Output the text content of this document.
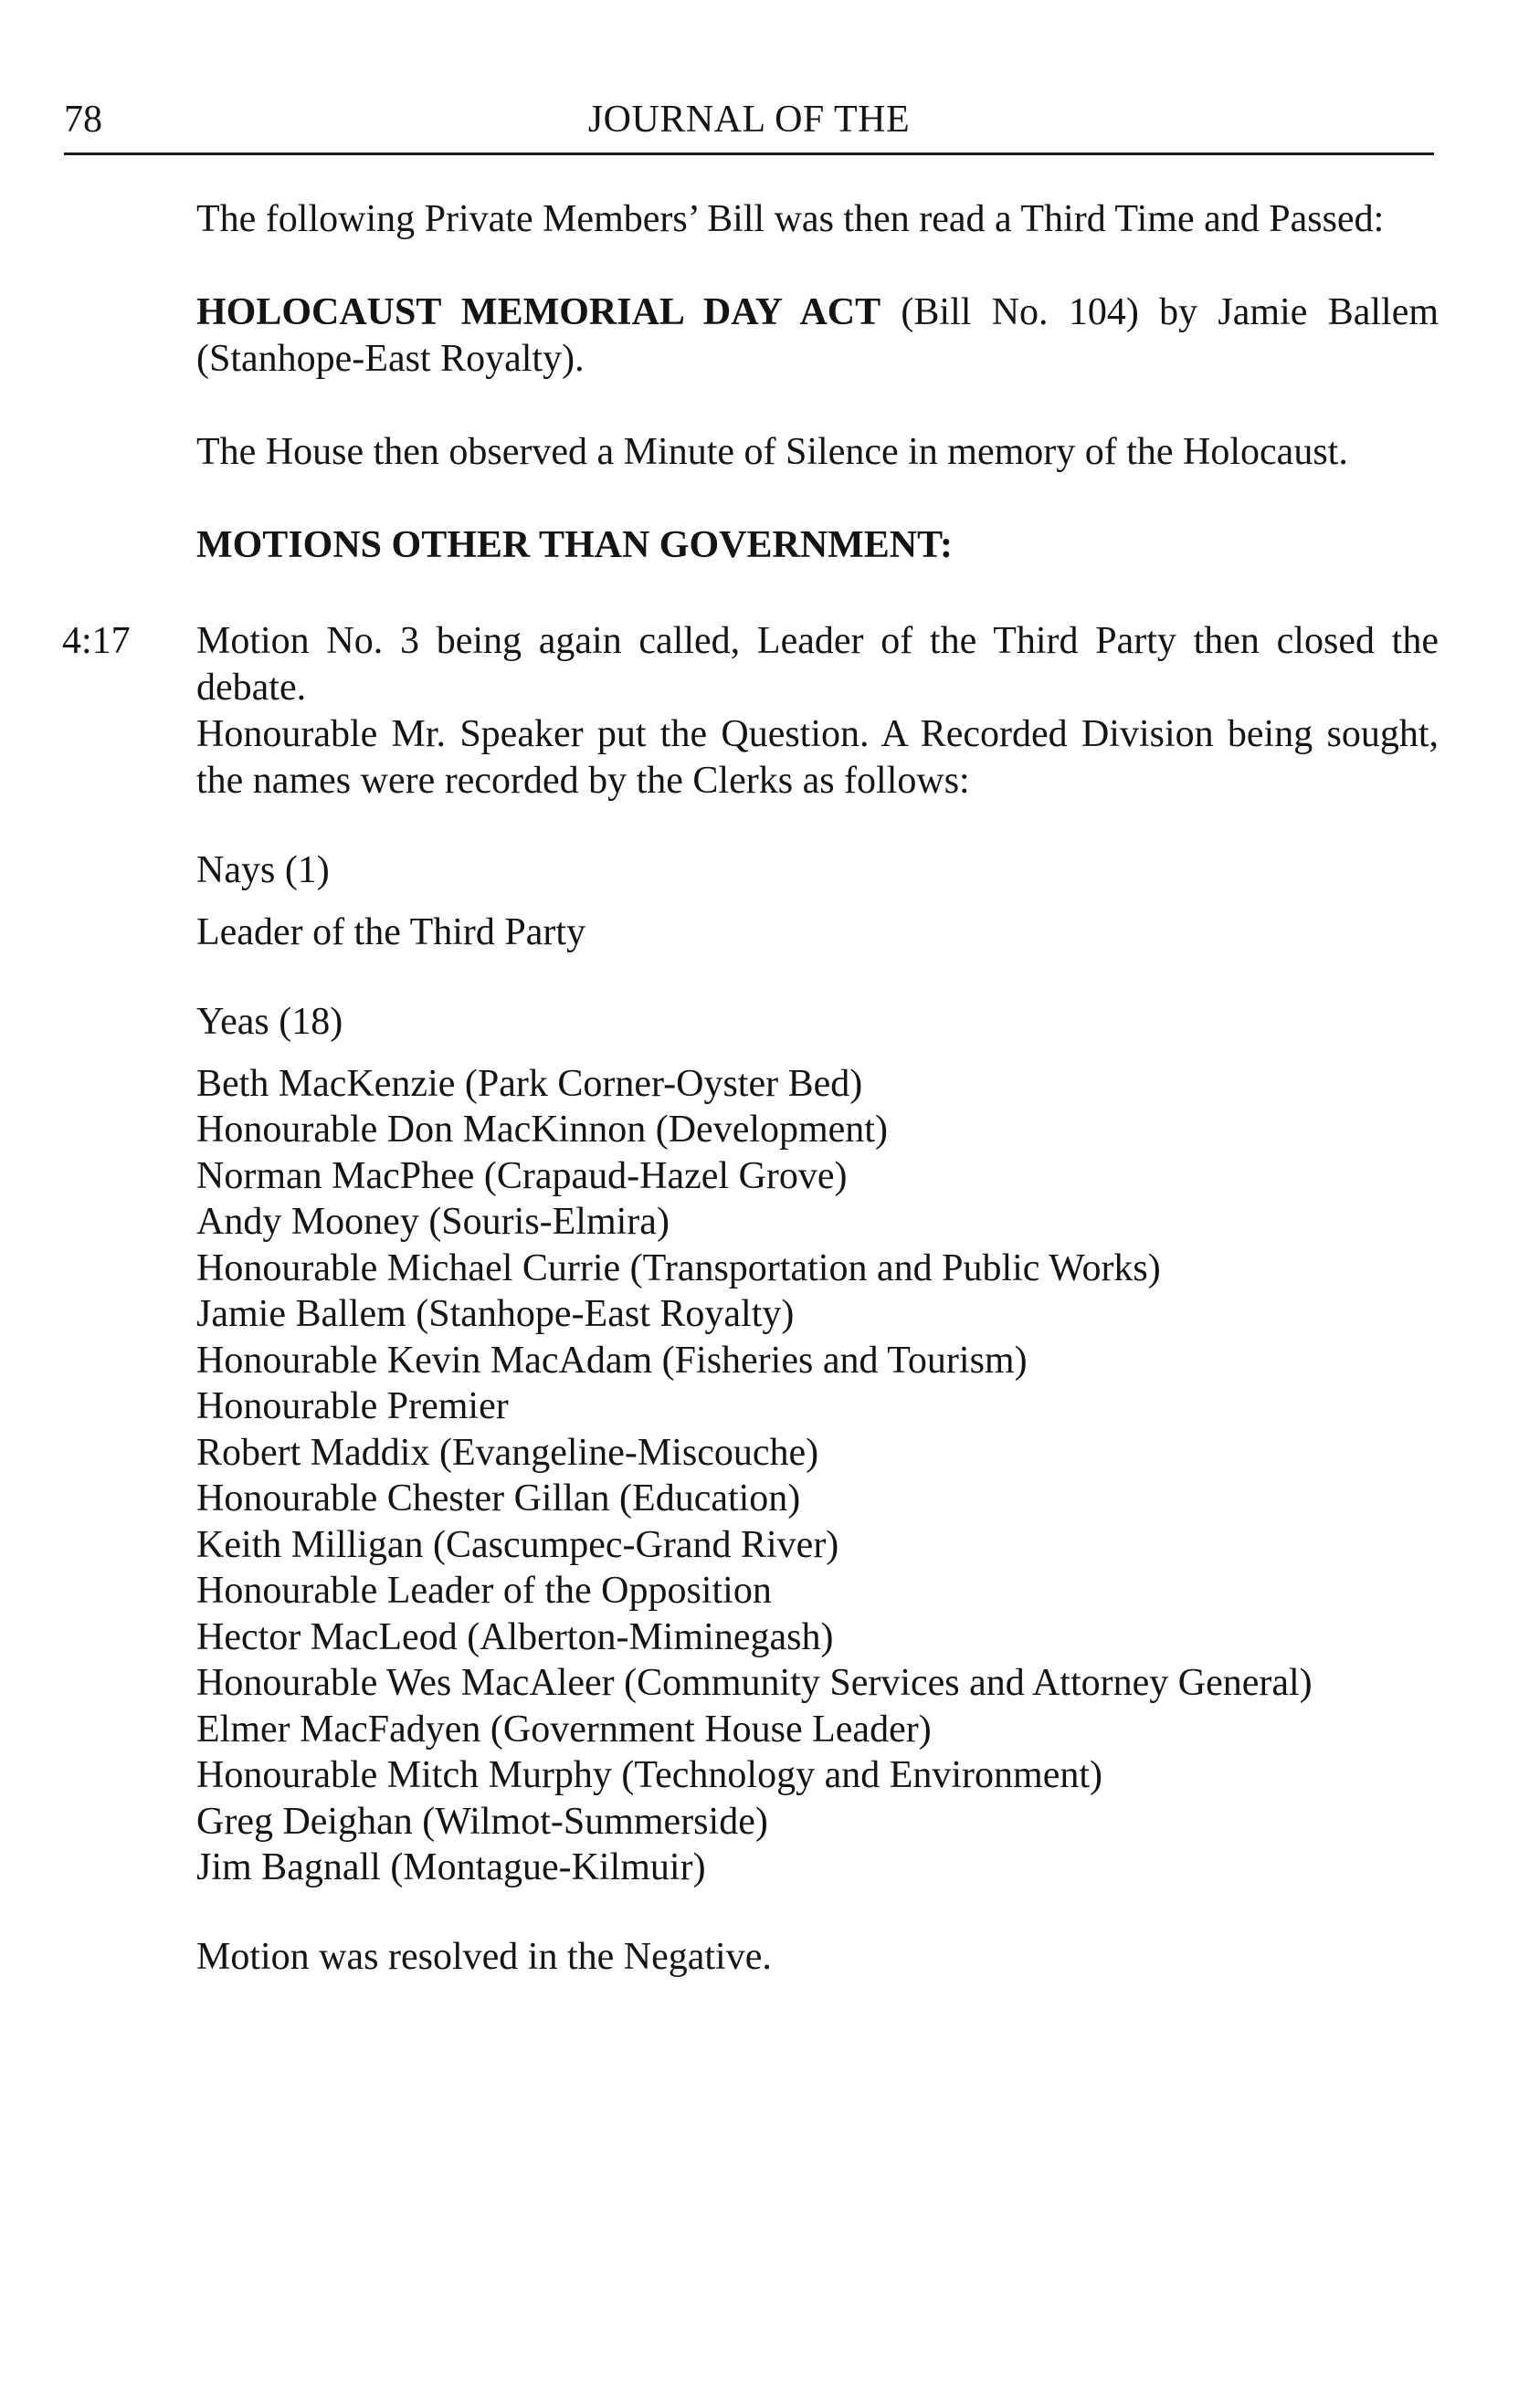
78	JOURNAL OF THE

The following Private Members’ Bill was then read a Third Time and Passed:

HOLOCAUST MEMORIAL DAY ACT (Bill No. 104) by Jamie Ballem (Stanhope-East Royalty).

The House then observed a Minute of Silence in memory of the Holocaust.

MOTIONS OTHER THAN GOVERNMENT:

4:17 Motion No. 3 being again called, Leader of the Third Party then closed the debate.

Honourable Mr. Speaker put the Question. A Recorded Division being sought, the names were recorded by the Clerks as follows:

Nays (1)

Leader of the Third Party

Yeas (18)

Beth MacKenzie (Park Corner-Oyster Bed)
Honourable Don MacKinnon (Development)
Norman MacPhee (Crapaud-Hazel Grove)
Andy Mooney (Souris-Elmira)
Honourable Michael Currie (Transportation and Public Works)
Jamie Ballem (Stanhope-East Royalty)
Honourable Kevin MacAdam (Fisheries and Tourism)
Honourable Premier
Robert Maddix (Evangeline-Miscouche)
Honourable Chester Gillan (Education)
Keith Milligan (Cascumpec-Grand River)
Honourable Leader of the Opposition
Hector MacLeod (Alberton-Miminegash)
Honourable Wes MacAleer (Community Services and Attorney General)
Elmer MacFadyen (Government House Leader)
Honourable Mitch Murphy (Technology and Environment)
Greg Deighan (Wilmot-Summerside)
Jim Bagnall (Montague-Kilmuir)

Motion was resolved in the Negative.
